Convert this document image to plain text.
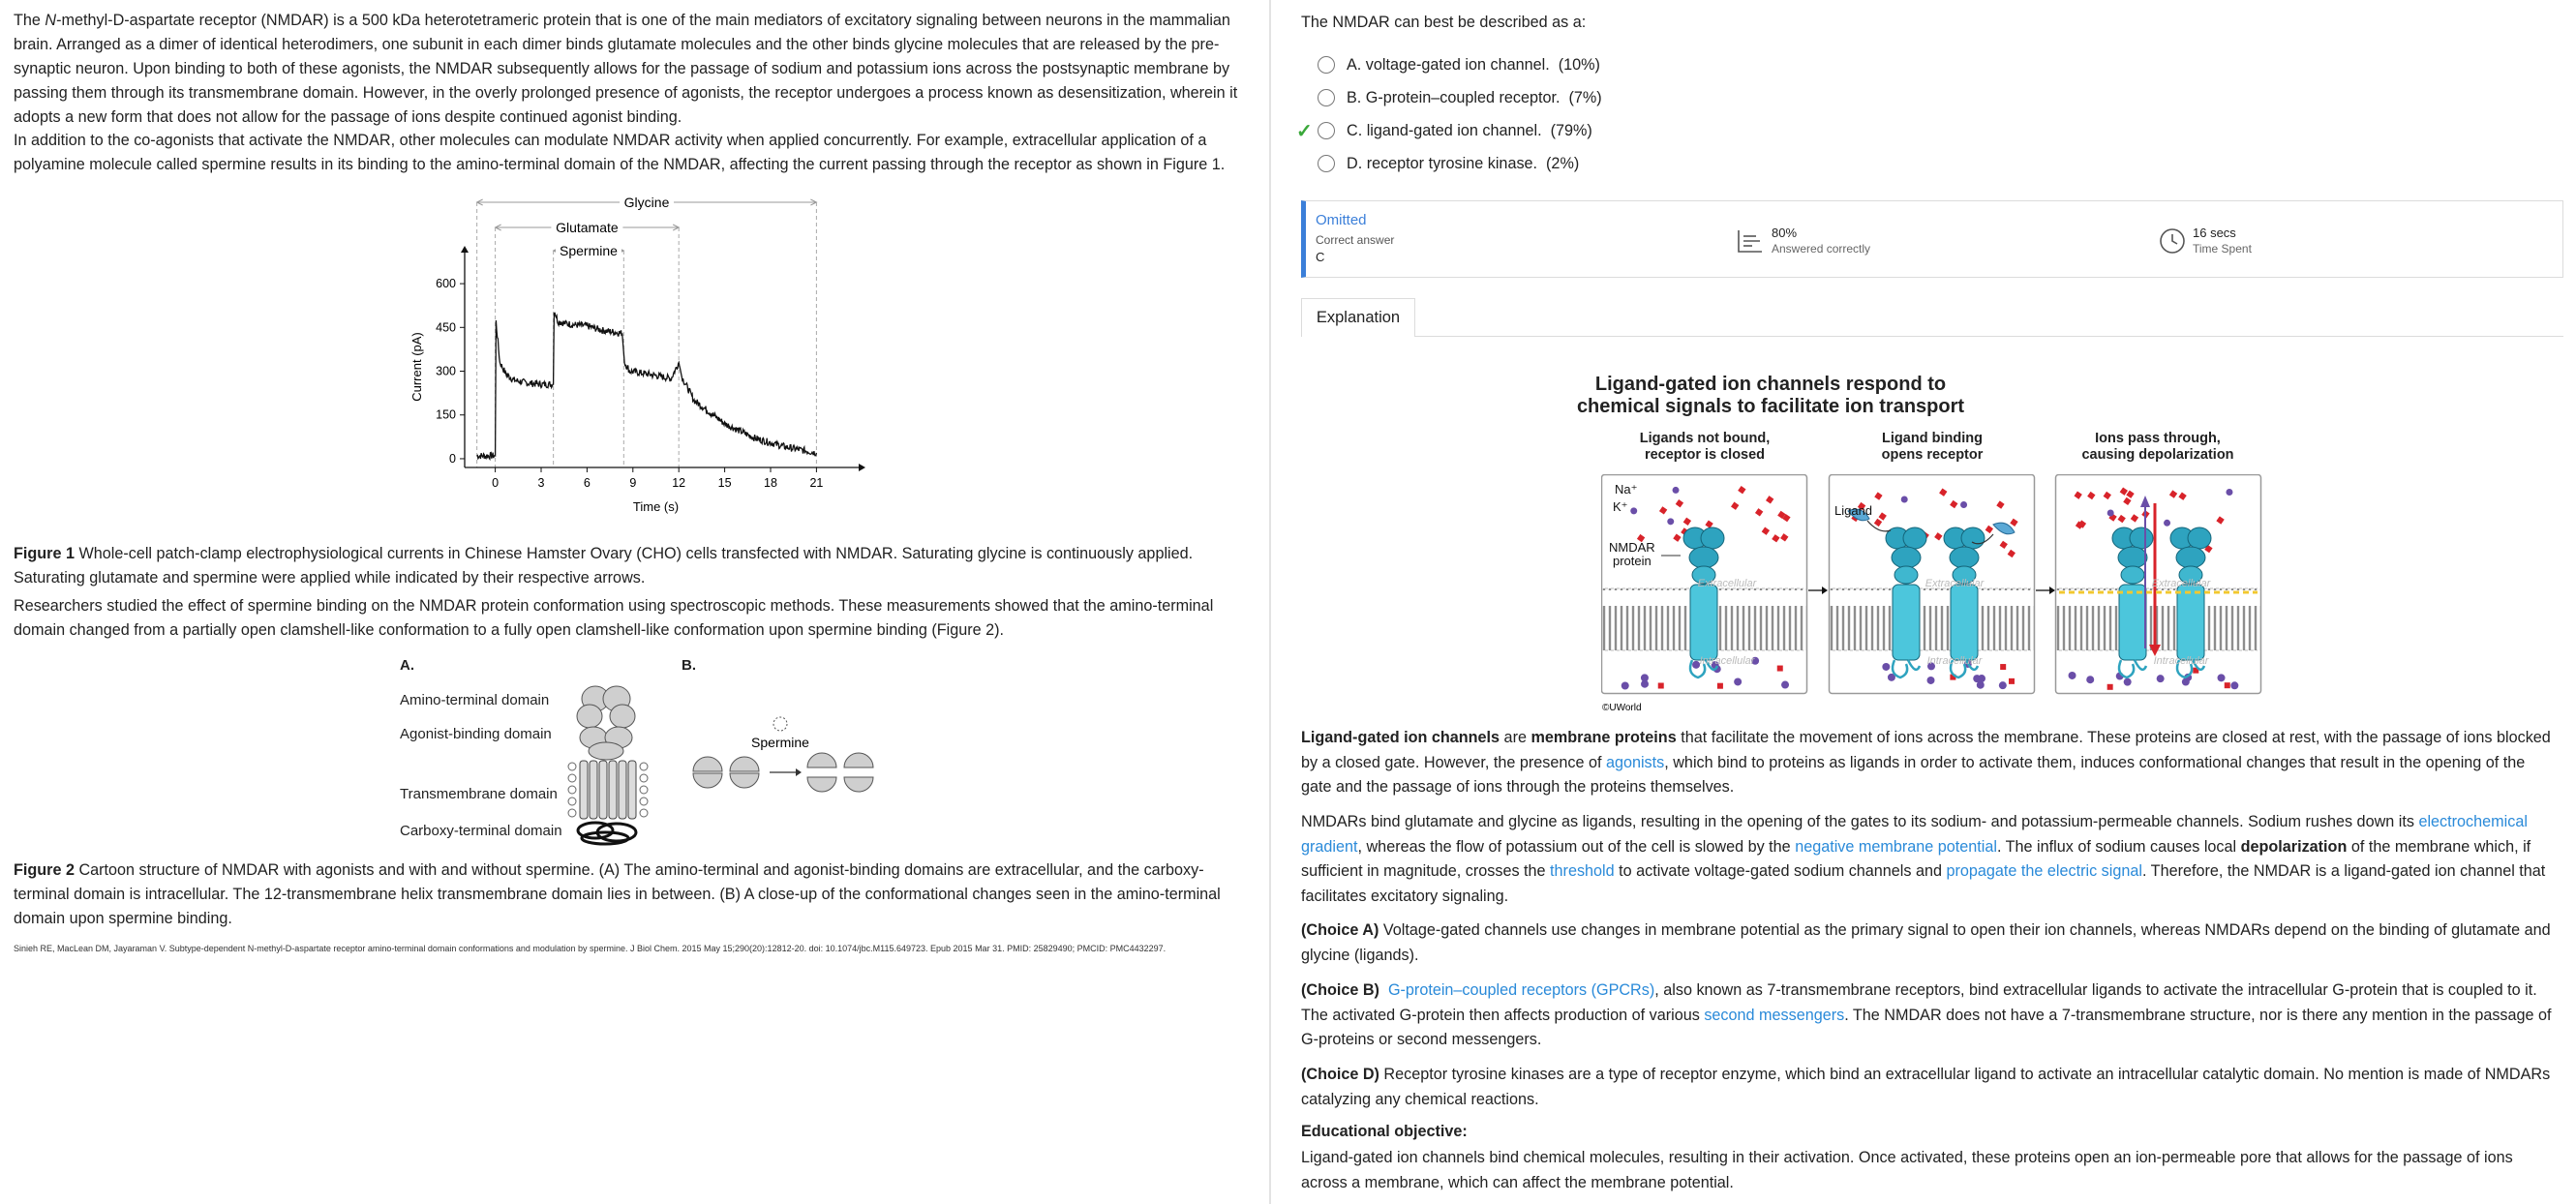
The N-methyl-D-aspartate receptor (NMDAR) is a 500 kDa heterotetrameric protein that is one of the main mediators of excitatory signaling between neurons in the mammalian brain. Arranged as a dimer of identical heterodimers, one subunit in each dimer binds glutamate molecules and the other binds glycine molecules that are released by the pre-synaptic neuron. Upon binding to both of these agonists, the NMDAR subsequently allows for the passage of sodium and potassium ions across the postsynaptic membrane by passing them through its transmembrane domain. However, in the overly prolonged presence of agonists, the receptor undergoes a process known as desensitization, wherein it adopts a new form that does not allow for the passage of ions despite continued agonist binding.

In addition to the co-agonists that activate the NMDAR, other molecules can modulate NMDAR activity when applied concurrently. For example, extracellular application of a polyamine molecule called spermine results in its binding to the amino-terminal domain of the NMDAR, affecting the current passing through the receptor as shown in Figure 1.

Glycine
Glutamate
Spermine
0	3	6	9	12	15	18	21
0
150
300
450
600
Time (s)
Current (pA)

Figure 1 Whole-cell patch-clamp electrophysiological currents in Chinese Hamster Ovary (CHO) cells transfected with NMDAR. Saturating glycine is continuously applied. Saturating glutamate and spermine were applied while indicated by their respective arrows.

Researchers studied the effect of spermine binding on the NMDAR protein conformation using spectroscopic methods. These measurements showed that the amino-terminal domain changed from a partially open clamshell-like conformation to a fully open clamshell-like conformation upon spermine binding (Figure 2).

A.	B.
Amino-terminal domain
Agonist-binding domain
Transmembrane domain
Carboxy-terminal domain
Spermine

Figure 2 Cartoon structure of NMDAR with agonists and with and without spermine. (A) The amino-terminal and agonist-binding domains are extracellular, and the carboxy-terminal domain is intracellular. The 12-transmembrane helix transmembrane domain lies in between. (B) A close-up of the conformational changes seen in the amino-terminal domain upon spermine binding.

Sinieh RE, MacLean DM, Jayaraman V. Subtype-dependent N-methyl-D-aspartate receptor amino-terminal domain conformations and modulation by spermine. J Biol Chem. 2015 May 15;290(20):12812-20. doi: 10.1074/jbc.M115.649723. Epub 2015 Mar 31. PMID: 25829490; PMCID: PMC4432297.
The NMDAR can best be described as a:
A.
voltage-gated ion channel.
(10%)
B.
G-protein–coupled receptor.
(7%)
✓	C.
ligand-gated ion channel.
(79%)
D.
receptor tyrosine kinase.
(2%)
Omitted
Correct answer
C
80%
Answered correctly
16 secs
Time Spent
Explanation
Ligand-gated ion channels respond to
chemical signals to facilitate ion transport
Ligands not bound,
receptor is closed
Ligand binding
opens receptor
Ions pass through,
causing depolarization
Extracellular
Intracellular
Na⁺
K⁺
NMDAR
protein
Ligand
Extracellular
Intracellular
Extracellular
Intracellular
©UWorld

Ligand-gated ion channels are membrane proteins that facilitate the movement of ions across the membrane. These proteins are closed at rest, with the passage of ions blocked by a closed gate. However, the presence of agonists, which bind to proteins as ligands in order to activate them, induces conformational changes that result in the opening of the gate and the passage of ions through the proteins themselves.

NMDARs bind glutamate and glycine as ligands, resulting in the opening of the gates to its sodium- and potassium-permeable channels. Sodium rushes down its electrochemical gradient, whereas the flow of potassium out of the cell is slowed by the negative membrane potential. The influx of sodium causes local depolarization of the membrane which, if sufficient in magnitude, crosses the threshold to activate voltage-gated sodium channels and propagate the electric signal. Therefore, the NMDAR is a ligand-gated ion channel that facilitates excitatory signaling.

(Choice A) Voltage-gated channels use changes in membrane potential as the primary signal to open their ion channels, whereas NMDARs depend on the binding of glutamate and glycine (ligands).

(Choice B) G-protein–coupled receptors (GPCRs), also known as 7-transmembrane receptors, bind extracellular ligands to activate the intracellular G-protein that is coupled to it. The activated G-protein then affects production of various second messengers. The NMDAR does not have a 7-transmembrane structure, nor is there any mention in the passage of G-proteins or second messengers.

(Choice D) Receptor tyrosine kinases are a type of receptor enzyme, which bind an extracellular ligand to activate an intracellular catalytic domain. No mention is made of NMDARs catalyzing any chemical reactions.

Educational objective:

Ligand-gated ion channels bind chemical molecules, resulting in their activation. Once activated, these proteins open an ion-permeable pore that allows for the passage of ions across a membrane, which can affect the membrane potential.
